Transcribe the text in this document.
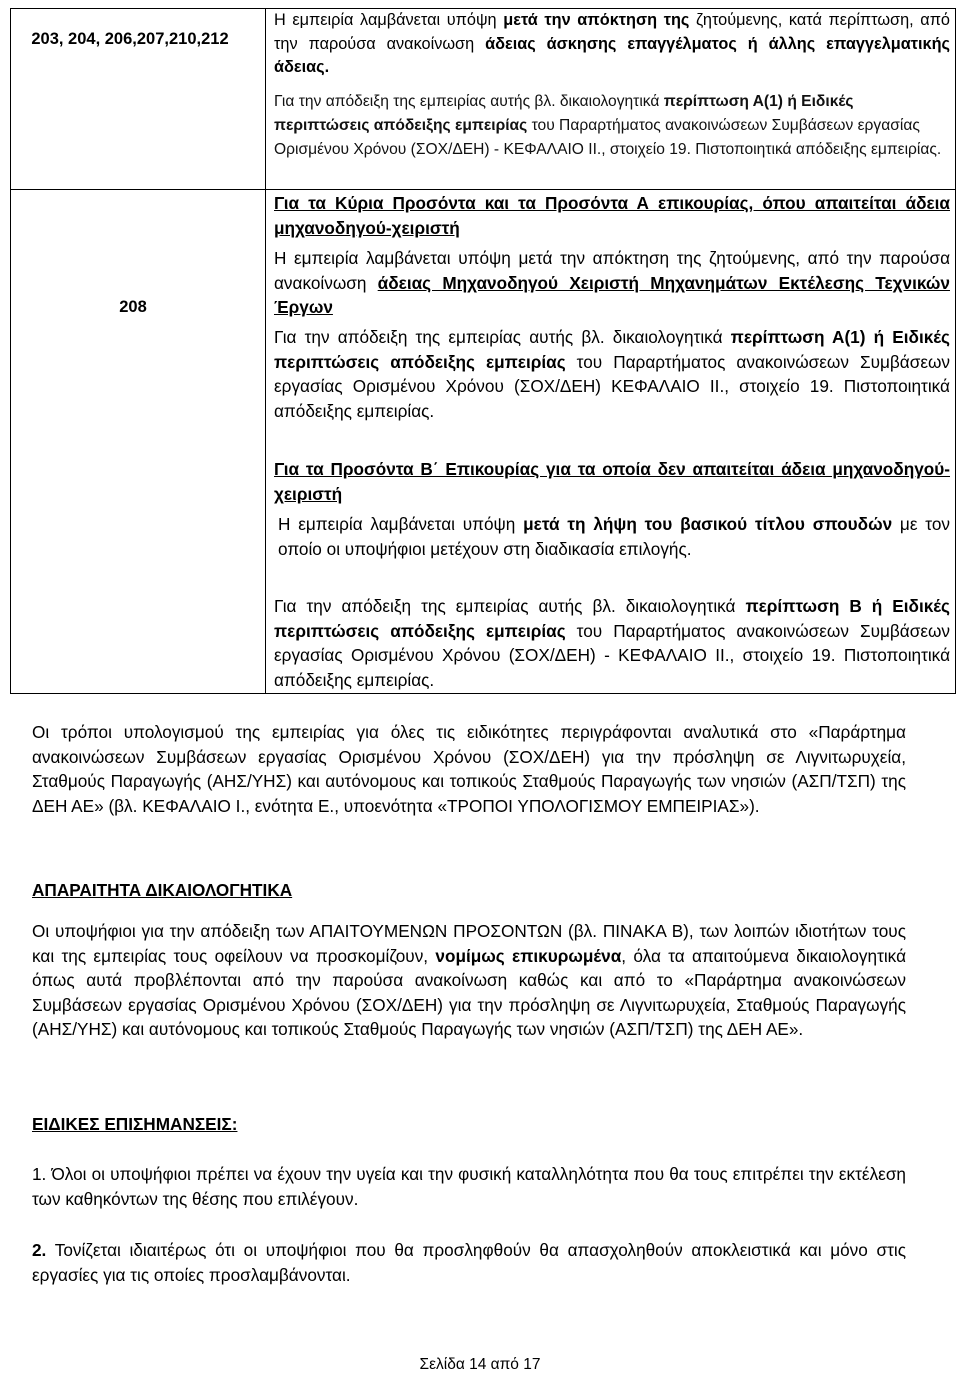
203, 204, 206,207,210,212
Η εμπειρία λαμβάνεται υπόψη μετά την απόκτηση της ζητούμενης, κατά περίπτωση, από την παρούσα ανακοίνωση άδειας άσκησης επαγγέλματος ή άλλης επαγγελματικής άδειας.
Για την απόδειξη της εμπειρίας αυτής βλ. δικαιολογητικά περίπτωση Α(1) ή Ειδικές περιπτώσεις απόδειξης εμπειρίας του Παραρτήματος ανακοινώσεων Συμβάσεων εργασίας Ορισμένου Χρόνου (ΣΟΧ/ΔΕΗ) - ΚΕΦΑΛΑΙΟ ΙΙ., στοιχείο 19. Πιστοποιητικά απόδειξης εμπειρίας.
208
Για τα Κύρια Προσόντα και τα Προσόντα Α επικουρίας, όπου απαιτείται άδεια μηχανοδηγού-χειριστή
Η εμπειρία λαμβάνεται υπόψη μετά την απόκτηση της ζητούμενης, από την παρούσα ανακοίνωση άδειας Μηχανοδηγού Χειριστή Μηχανημάτων Εκτέλεσης Τεχνικών Έργων
Για την απόδειξη της εμπειρίας αυτής βλ. δικαιολογητικά περίπτωση Α(1) ή Ειδικές περιπτώσεις απόδειξης εμπειρίας του Παραρτήματος ανακοινώσεων Συμβάσεων εργασίας Ορισμένου Χρόνου (ΣΟΧ/ΔΕΗ) ΚΕΦΑΛΑΙΟ ΙΙ., στοιχείο 19. Πιστοποιητικά απόδειξης εμπειρίας.
Για τα Προσόντα Β΄ Επικουρίας για τα οποία δεν απαιτείται άδεια μηχανοδηγού-χειριστή
Η εμπειρία λαμβάνεται υπόψη μετά τη λήψη του βασικού τίτλου σπουδών με τον οποίο οι υποψήφιοι μετέχουν στη διαδικασία επιλογής.
Για την απόδειξη της εμπειρίας αυτής βλ. δικαιολογητικά περίπτωση Β ή Ειδικές περιπτώσεις απόδειξης εμπειρίας του Παραρτήματος ανακοινώσεων Συμβάσεων εργασίας Ορισμένου Χρόνου (ΣΟΧ/ΔΕΗ) - ΚΕΦΑΛΑΙΟ ΙΙ., στοιχείο 19. Πιστοποιητικά απόδειξης εμπειρίας.
Οι τρόποι υπολογισμού της εμπειρίας για όλες τις ειδικότητες περιγράφονται αναλυτικά στο «Παράρτημα ανακοινώσεων Συμβάσεων εργασίας Ορισμένου Χρόνου (ΣΟΧ/ΔΕΗ) για την πρόσληψη σε Λιγνιτωρυχεία, Σταθμούς Παραγωγής (ΑΗΣ/ΥΗΣ) και αυτόνομους και τοπικούς Σταθμούς Παραγωγής των νησιών (ΑΣΠ/ΤΣΠ) της ΔΕΗ ΑΕ» (βλ. ΚΕΦΑΛΑΙΟ Ι., ενότητα Ε., υποενότητα «ΤΡΟΠΟΙ ΥΠΟΛΟΓΙΣΜΟΥ ΕΜΠΕΙΡΙΑΣ»).
ΑΠΑΡΑΙΤΗΤΑ ΔΙΚΑΙΟΛΟΓΗΤΙΚΑ
Οι υποψήφιοι για την απόδειξη των ΑΠΑΙΤΟΥΜΕΝΩΝ ΠΡΟΣΟΝΤΩΝ (βλ. ΠΙΝΑΚΑ Β), των λοιπών ιδιοτήτων τους και της εμπειρίας τους οφείλουν να προσκομίζουν, νομίμως επικυρωμένα, όλα τα απαιτούμενα δικαιολογητικά όπως αυτά προβλέπονται από την παρούσα ανακοίνωση καθώς και από το «Παράρτημα ανακοινώσεων Συμβάσεων εργασίας Ορισμένου Χρόνου (ΣΟΧ/ΔΕΗ) για την πρόσληψη σε Λιγνιτωρυχεία, Σταθμούς Παραγωγής (ΑΗΣ/ΥΗΣ) και αυτόνομους και τοπικούς Σταθμούς Παραγωγής των νησιών (ΑΣΠ/ΤΣΠ) της ΔΕΗ ΑΕ».
ΕΙΔΙΚΕΣ ΕΠΙΣΗΜΑΝΣΕΙΣ:
1. Όλοι οι υποψήφιοι πρέπει να έχουν την υγεία και την φυσική καταλληλότητα που θα τους επιτρέπει την εκτέλεση των καθηκόντων της θέσης που επιλέγουν.
2. Τονίζεται ιδιαιτέρως ότι οι υποψήφιοι που θα προσληφθούν θα απασχοληθούν αποκλειστικά και μόνο στις εργασίες για τις οποίες προσλαμβάνονται.
Σελίδα 14 από 17
